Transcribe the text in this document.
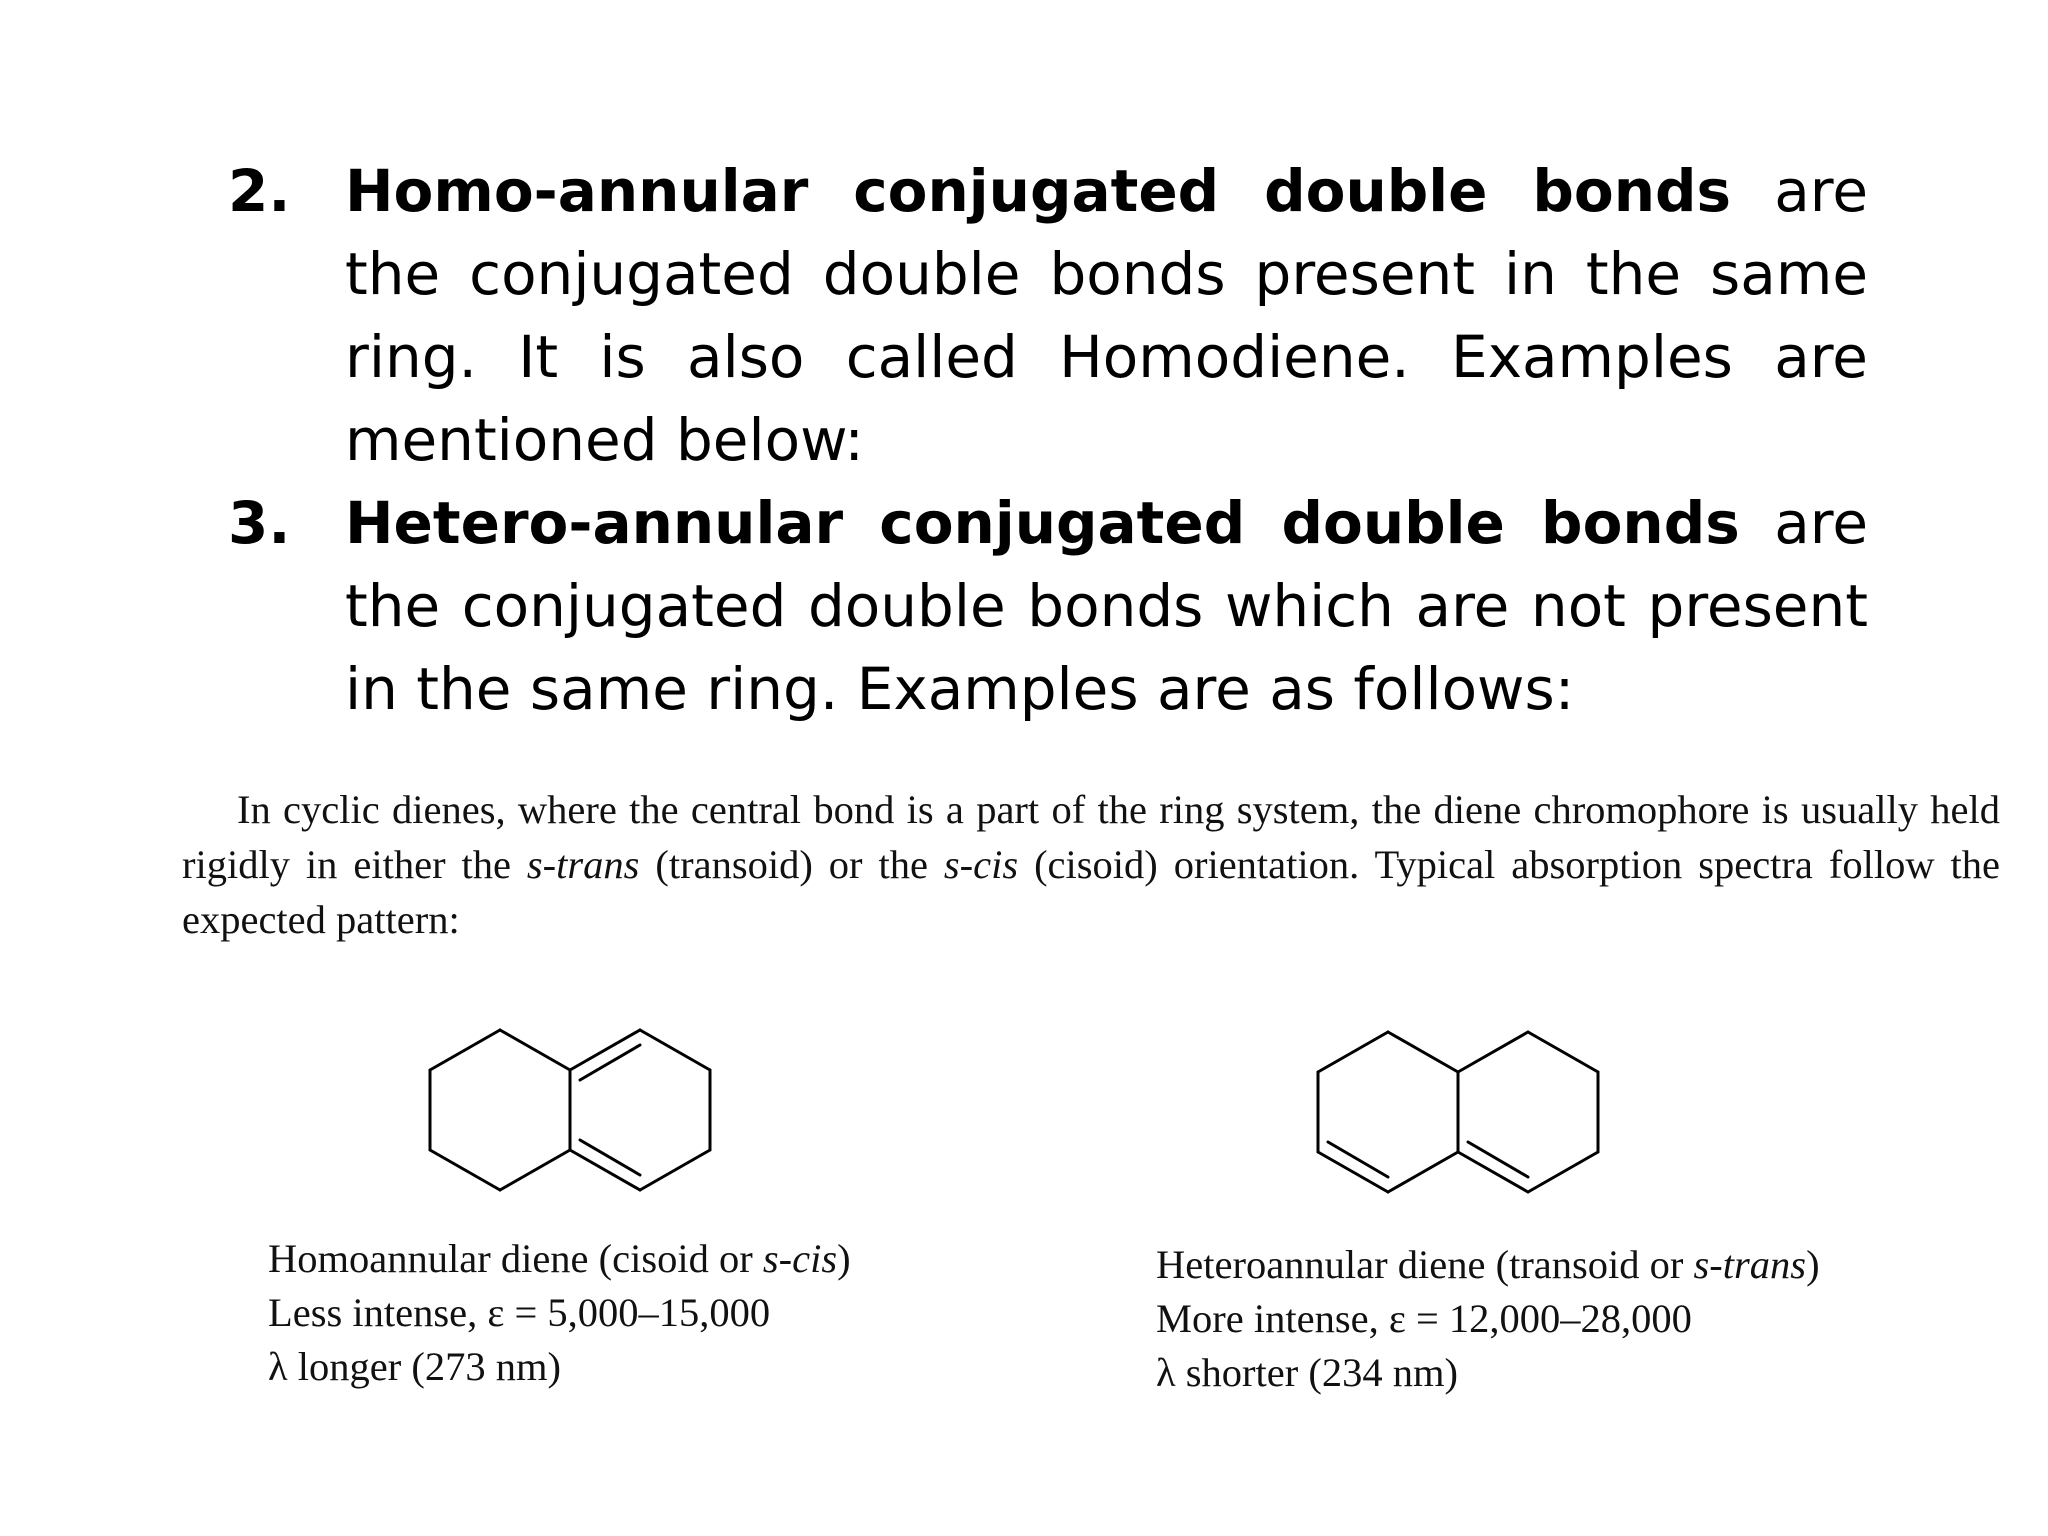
2. Homo-annular conjugated double bonds are the conjugated double bonds present in the same ring. It is also called Homodiene. Examples are mentioned below:
3. Hetero-annular conjugated double bonds are the conjugated double bonds which are not present in the same ring. Examples are as follows:
In cyclic dienes, where the central bond is a part of the ring system, the diene chromophore is usually held rigidly in either the s-trans (transoid) or the s-cis (cisoid) orientation. Typical absorption spectra follow the expected pattern:
Homoannular diene (cisoid or s-cis)
Less intense, ε = 5,000–15,000
λ longer (273 nm)
Heteroannular diene (transoid or s-trans)
More intense, ε = 12,000–28,000
λ shorter (234 nm)
